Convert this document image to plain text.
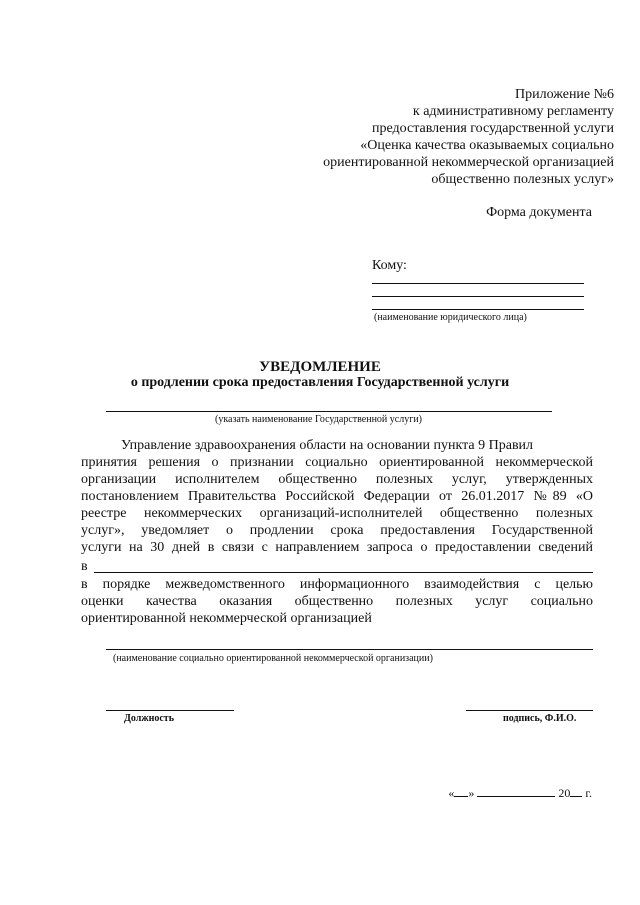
Приложение №6
к административному регламенту
предоставления государственной услуги
«Оценка качества оказываемых социально
ориентированной некоммерческой организацией
общественно полезных услуг»
Форма документа
Кому:
(наименование юридического лица)
УВЕДОМЛЕНИЕ
о продлении срока предоставления Государственной услуги
(указать наименование Государственной услуги)
Управление здравоохранения области на основании пункта 9 Правил
принятия решения о признании социально ориентированной некоммерческой
организации исполнителем общественно полезных услуг, утвержденных
постановлением Правительства Российской Федерации от 26.01.2017 №89 «О
реестре некоммерческих организаций-исполнителей общественно полезных
услуг», уведомляет о продлении срока предоставления Государственной
услуги на 30 дней в связи с направлением запроса о предоставлении сведений
в
в порядке межведомственного информационного взаимодействия с целью
оценки качества оказания общественно полезных услуг социально
ориентированной некоммерческой организацией
(наименование социально ориентированной некоммерческой организации)
Должность	подпись, Ф.И.О.
« »	20 г.
